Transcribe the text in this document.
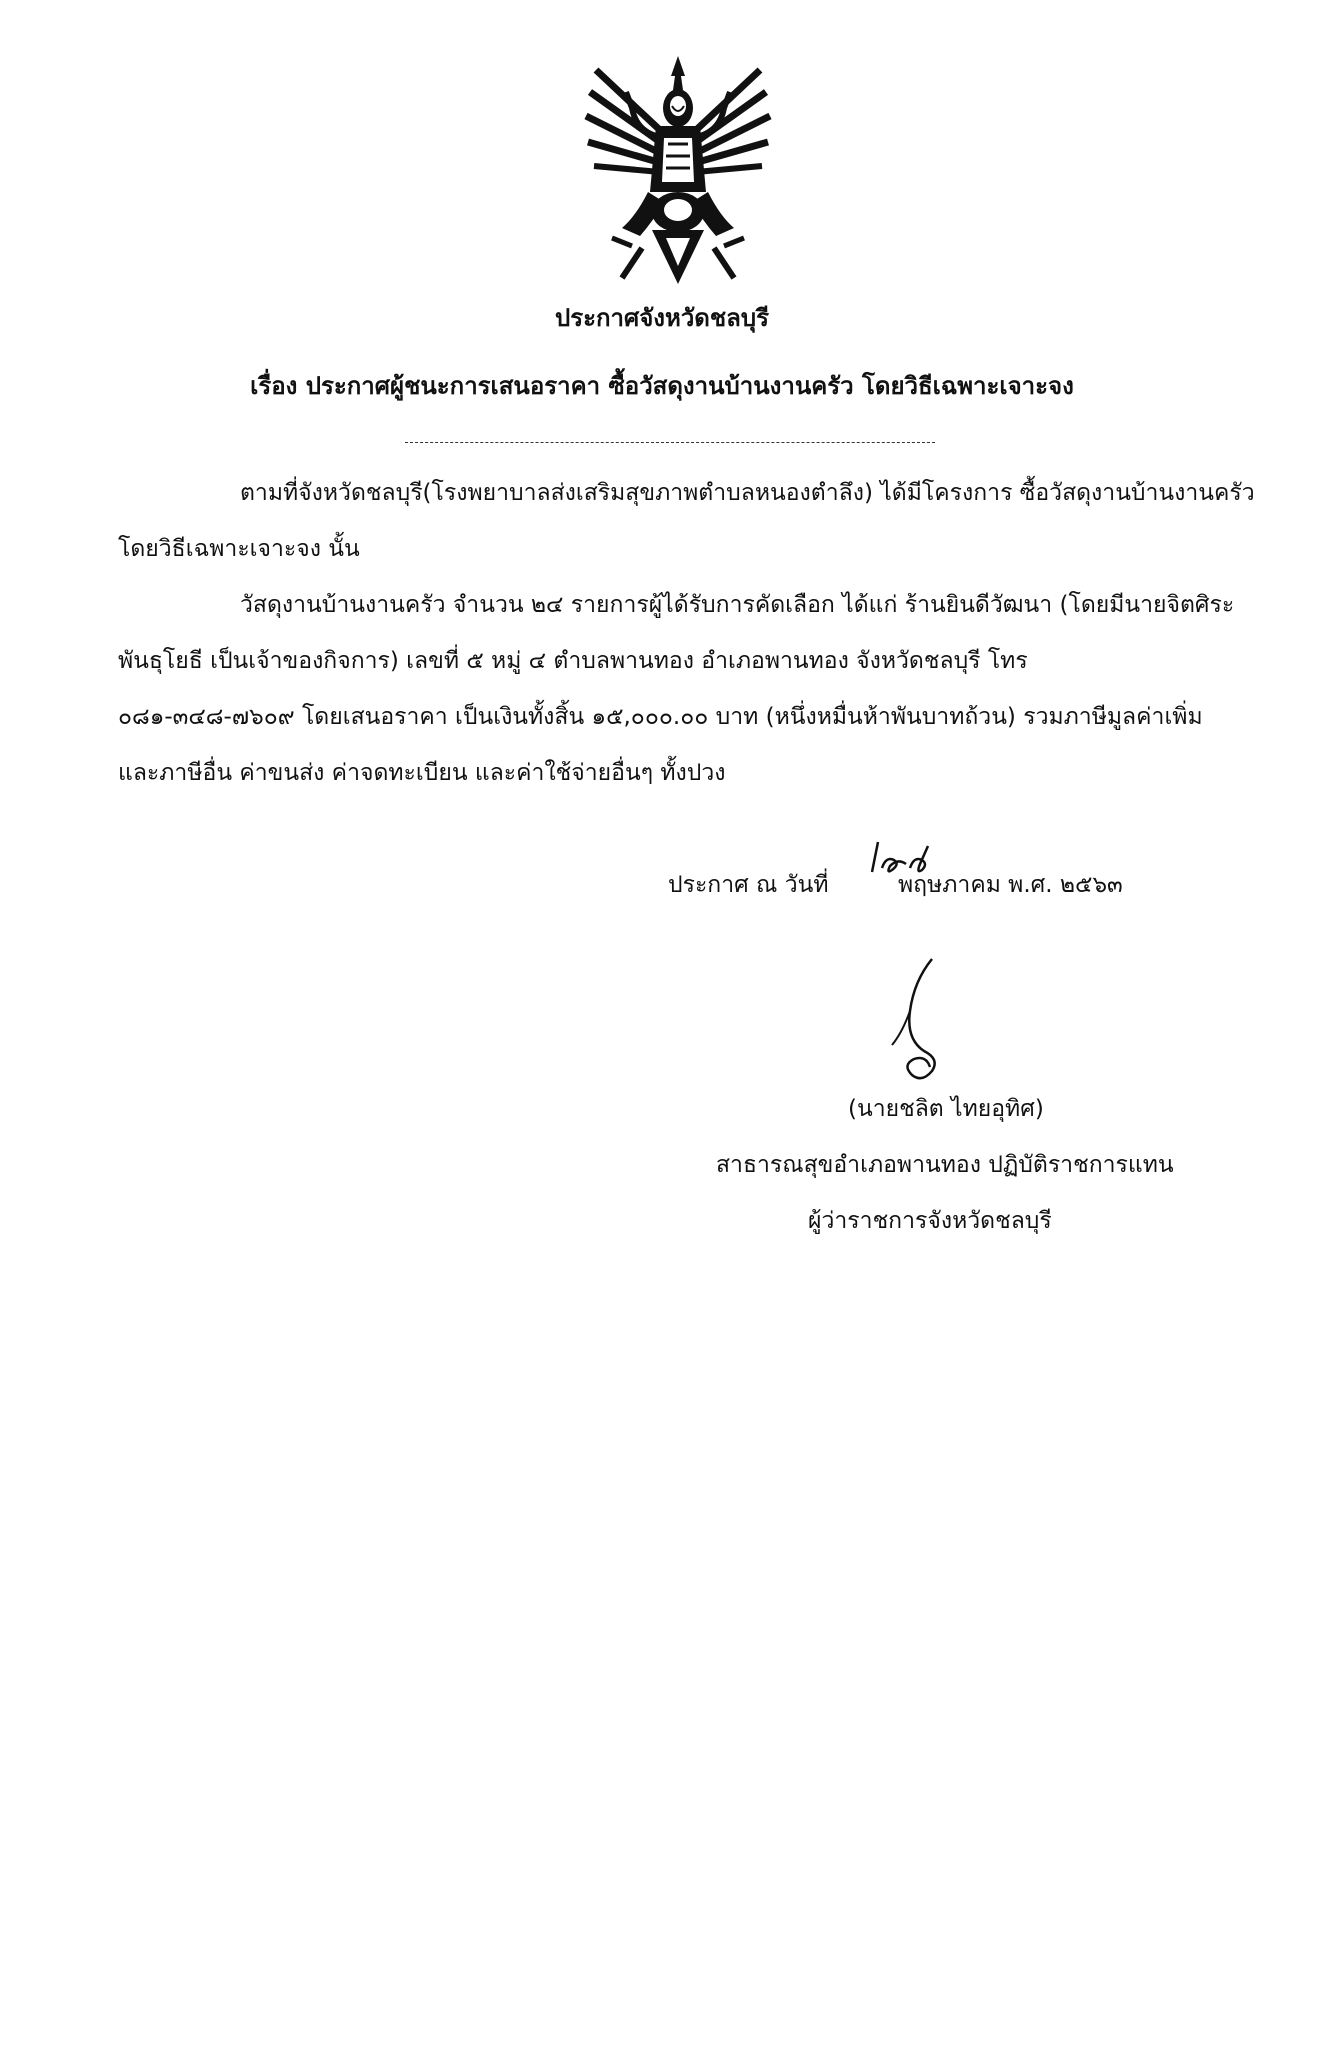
ประกาศจังหวัดชลบุรี
เรื่อง ประกาศผู้ชนะการเสนอราคา ซื้อวัสดุงานบ้านงานครัว โดยวิธีเฉพาะเจาะจง
ตามที่จังหวัดชลบุรี(โรงพยาบาลส่งเสริมสุขภาพตำบลหนองตำลึง) ได้มีโครงการ ซื้อวัสดุงานบ้านงานครัว
โดยวิธีเฉพาะเจาะจง นั้น
วัสดุงานบ้านงานครัว จำนวน ๒๔ รายการผู้ได้รับการคัดเลือก ได้แก่ ร้านยินดีวัฒนา (โดยมีนายจิตศิระ
พันธุโยธี เป็นเจ้าของกิจการ) เลขที่ ๕ หมู่ ๔ ตำบลพานทอง อำเภอพานทอง จังหวัดชลบุรี โทร
๐๘๑-๓๔๘-๗๖๐๙ โดยเสนอราคา เป็นเงินทั้งสิ้น ๑๕,๐๐๐.๐๐ บาท (หนึ่งหมื่นห้าพันบาทถ้วน) รวมภาษีมูลค่าเพิ่ม
และภาษีอื่น ค่าขนส่ง ค่าจดทะเบียน และค่าใช้จ่ายอื่นๆ ทั้งปวง
ประกาศ ณ วันที่	พฤษภาคม พ.ศ. ๒๕๖๓
(นายชลิต ไทยอุทิศ)
สาธารณสุขอำเภอพานทอง ปฏิบัติราชการแทน
ผู้ว่าราชการจังหวัดชลบุรี
